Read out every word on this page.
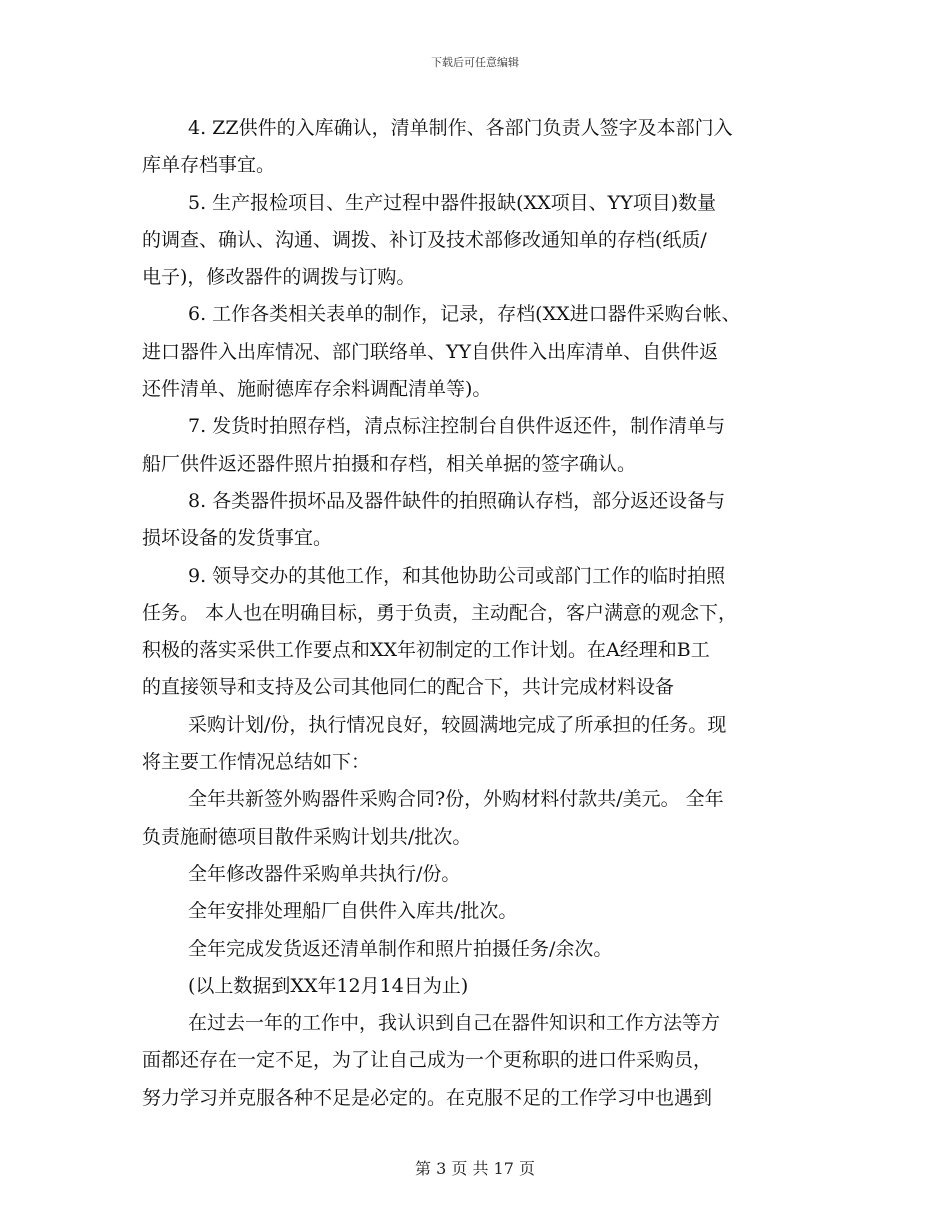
下载后可任意编辑
4. ZZ供件的入库确认，清单制作、各部门负责人签字及本部门入
库单存档事宜。
5. 生产报检项目、生产过程中器件报缺(XX项目、YY项目)数量
的调查、确认、沟通、调拨、补订及技术部修改通知单的存档(纸质/
电子)，修改器件的调拨与订购。
6. 工作各类相关表单的制作，记录，存档(XX进口器件采购台帐、
进口器件入出库情况、部门联络单、YY自供件入出库清单、自供件返
还件清单、施耐德库存余料调配清单等)。
7. 发货时拍照存档，清点标注控制台自供件返还件，制作清单与
船厂供件返还器件照片拍摄和存档，相关单据的签字确认。
8. 各类器件损坏品及器件缺件的拍照确认存档，部分返还设备与
损坏设备的发货事宜。
9. 领导交办的其他工作，和其他协助公司或部门工作的临时拍照
任务。 本人也在明确目标，勇于负责，主动配合，客户满意的观念下，
积极的落实采供工作要点和XX年初制定的工作计划。在A经理和B工
的直接领导和支持及公司其他同仁的配合下，共计完成材料设备
采购计划/份，执行情况良好，较圆满地完成了所承担的任务。现
将主要工作情况总结如下：
全年共新签外购器件采购合同?份，外购材料付款共/美元。 全年
负责施耐德项目散件采购计划共/批次。
全年修改器件采购单共执行/份。
全年安排处理船厂自供件入库共/批次。
全年完成发货返还清单制作和照片拍摄任务/余次。
(以上数据到XX年12月14日为止)
在过去一年的工作中，我认识到自己在器件知识和工作方法等方
面都还存在一定不足，为了让自己成为一个更称职的进口件采购员，
努力学习并克服各种不足是必定的。在克服不足的工作学习中也遇到
第 3 页 共 17 页
